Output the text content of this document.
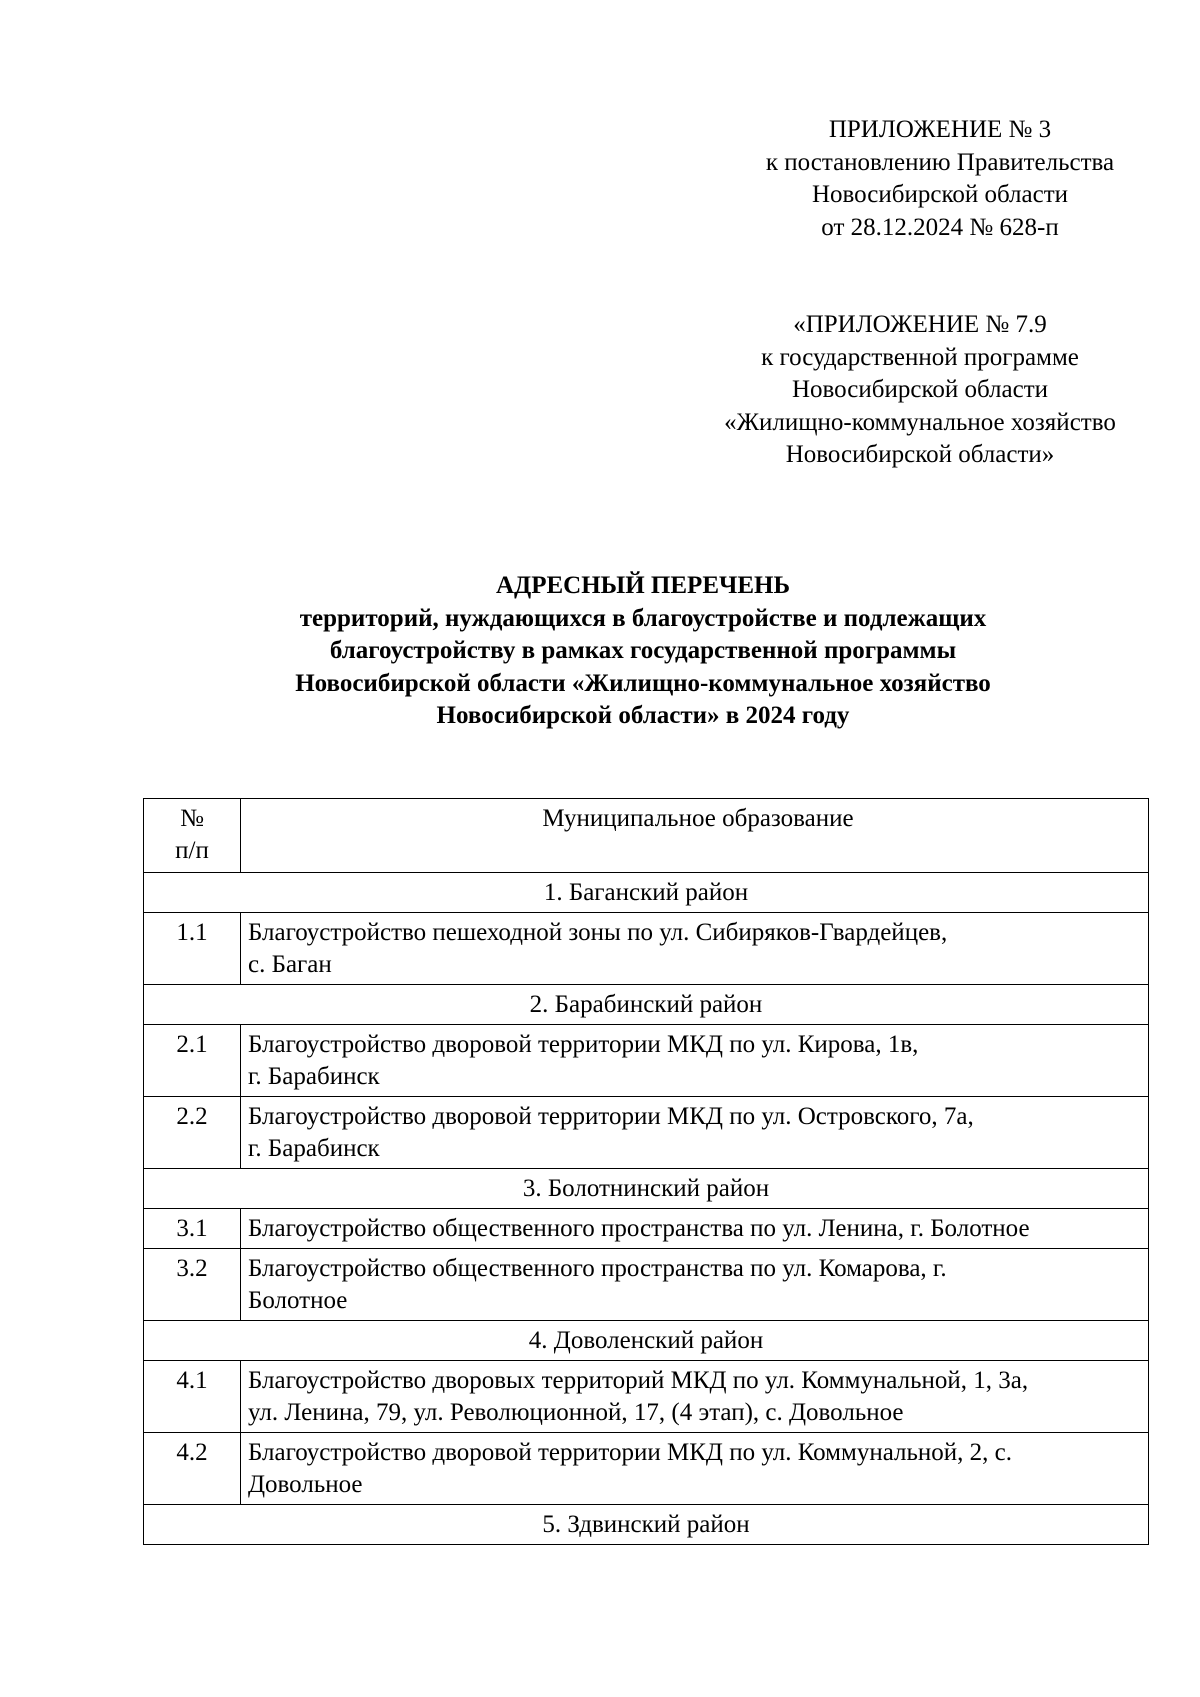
ПРИЛОЖЕНИЕ № 3
к постановлению Правительства
Новосибирской области
от 28.12.2024 № 628-п
«ПРИЛОЖЕНИЕ № 7.9
к государственной программе
Новосибирской области
«Жилищно-коммунальное хозяйство
Новосибирской области»
АДРЕСНЫЙ ПЕРЕЧЕНЬ
территорий, нуждающихся в благоустройстве и подлежащих
благоустройству в рамках государственной программы
Новосибирской области «Жилищно-коммунальное хозяйство
Новосибирской области» в 2024 году
№
п/п	Муниципальное образование
1. Баганский район	
1.1	Благоустройство пешеходной зоны по ул. Сибиряков-Гвардейцев,
с. Баган

2. Барабинский район	
2.1	Благоустройство дворовой территории МКД по ул. Кирова, 1в,
г. Барабинск

2.2	Благоустройство дворовой территории МКД по ул. Островского, 7а,
г. Барабинск

3. Болотнинский район	
3.1	Благоустройство общественного пространства по ул. Ленина, г. Болотное

3.2	Благоустройство общественного пространства по ул. Комарова, г.
Болотное

4. Доволенский район	
4.1	Благоустройство дворовых территорий МКД по ул. Коммунальной, 1, 3а,
ул. Ленина, 79, ул. Революционной, 17, (4 этап), с. Довольное

4.2	Благоустройство дворовой территории МКД по ул. Коммунальной, 2, с.
Довольное

5. Здвинский район	
